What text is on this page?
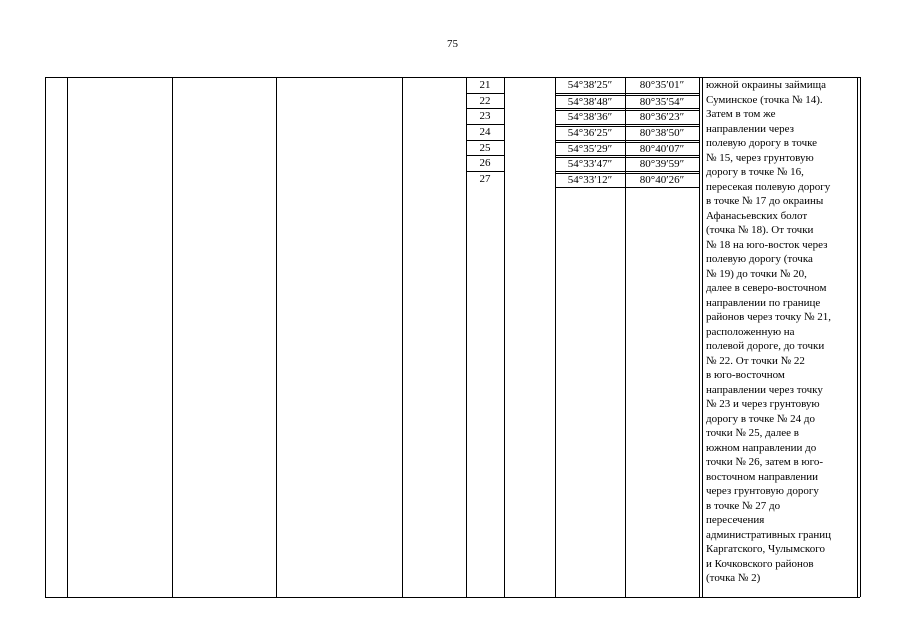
75
21	54°38′25″	80°35′01″
22	54°38′48″	80°35′54″
23	54°38′36″	80°36′23″
24	54°36′25″	80°38′50″
25	54°35′29″	80°40′07″
26	54°33′47″	80°39′59″
27	54°33′12″	80°40′26″
южной окраины займища
Суминское (точка № 14).
Затем в том же
направлении через
полевую дорогу в точке
№ 15, через грунтовую
дорогу в точке № 16,
пересекая полевую дорогу
в точке № 17 до окраины
Афанасьевских болот
(точка № 18). От точки
№ 18 на юго-восток через
полевую дорогу (точка
№ 19) до точки № 20,
далее в северо-восточном
направлении по границе
районов через точку № 21,
расположенную на
полевой дороге, до точки
№ 22. От точки № 22
в юго-восточном
направлении через точку
№ 23 и через грунтовую
дорогу в точке № 24 до
точки № 25, далее в
южном направлении до
точки № 26, затем в юго-
восточном направлении
через грунтовую дорогу
в точке № 27 до
пересечения
административных границ
Каргатского, Чулымского
и Кочковского районов
(точка № 2)
